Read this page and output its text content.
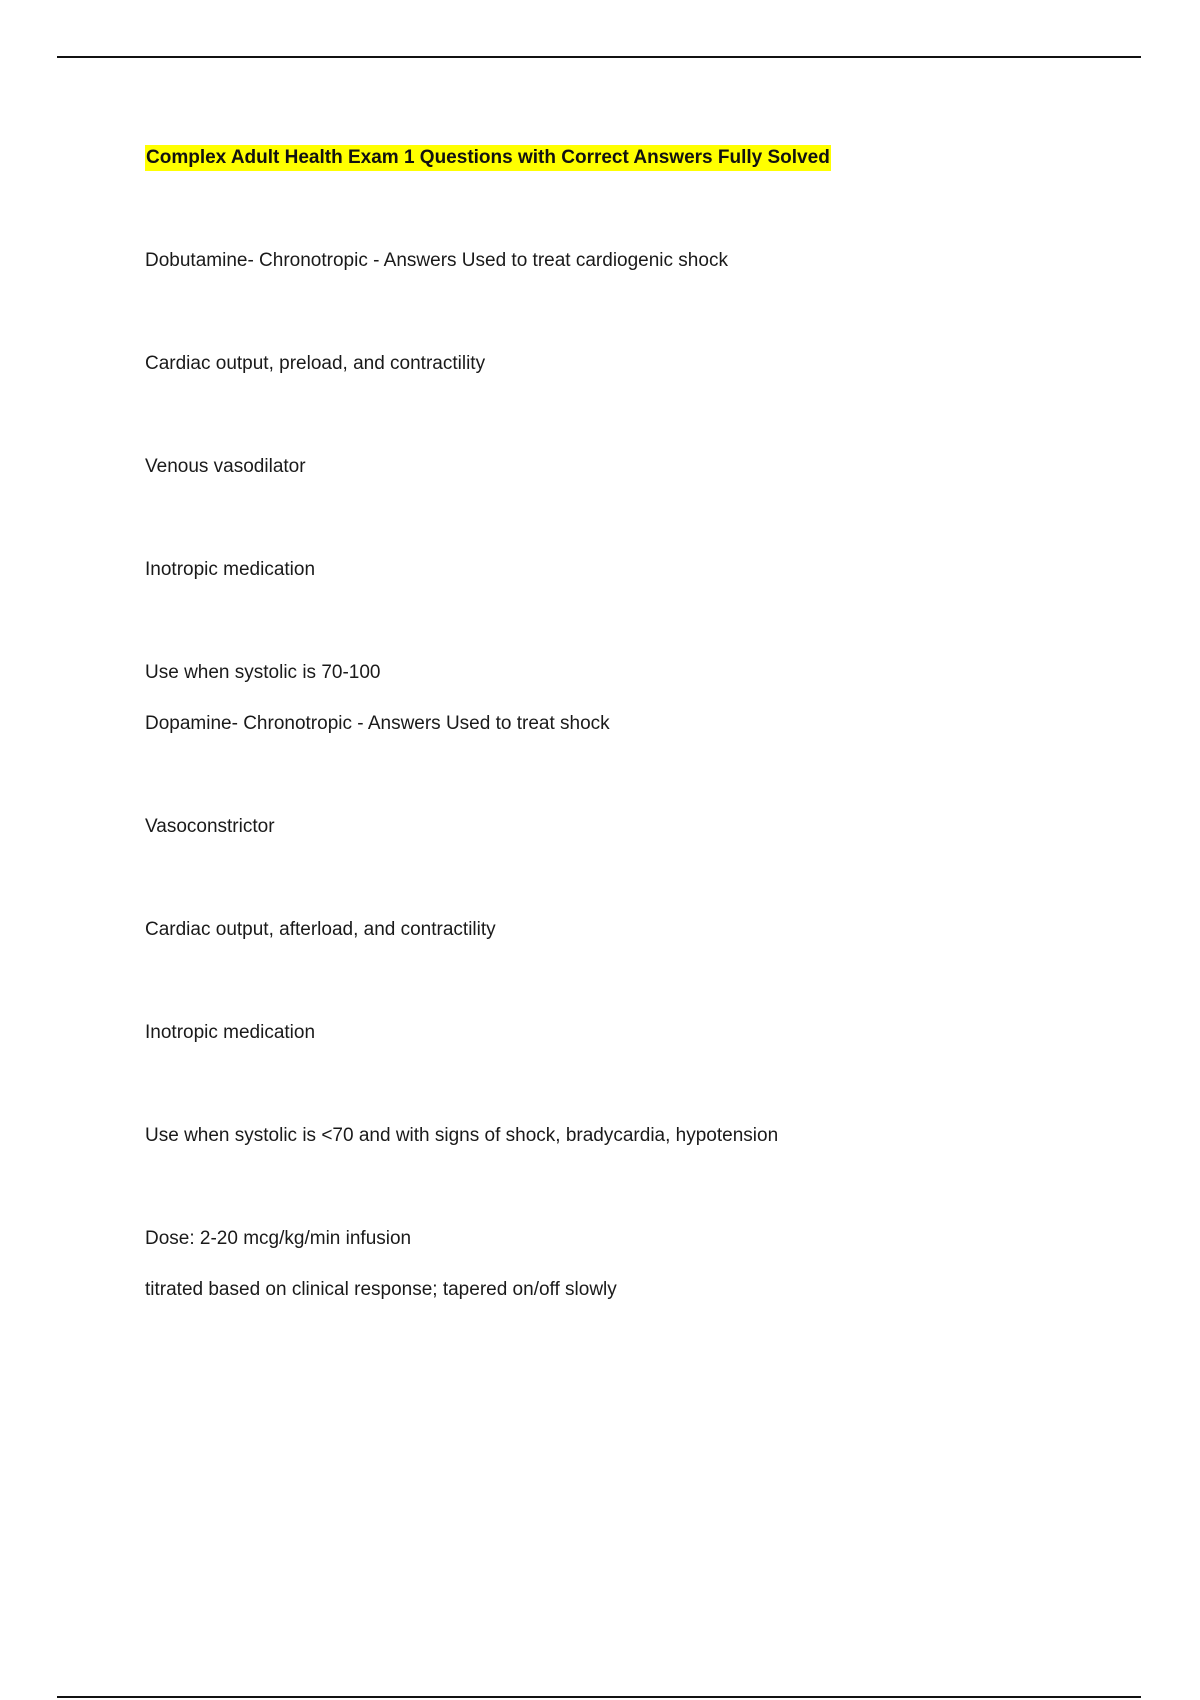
Complex Adult Health Exam 1 Questions with Correct Answers Fully Solved
Dobutamine- Chronotropic - Answers Used to treat cardiogenic shock
Cardiac output, preload, and contractility
Venous vasodilator
Inotropic medication
Use when systolic is 70-100
Dopamine- Chronotropic - Answers Used to treat shock
Vasoconstrictor
Cardiac output, afterload, and contractility
Inotropic medication
Use when systolic is <70 and with signs of shock, bradycardia, hypotension
Dose: 2-20 mcg/kg/min infusion
titrated based on clinical response; tapered on/off slowly
